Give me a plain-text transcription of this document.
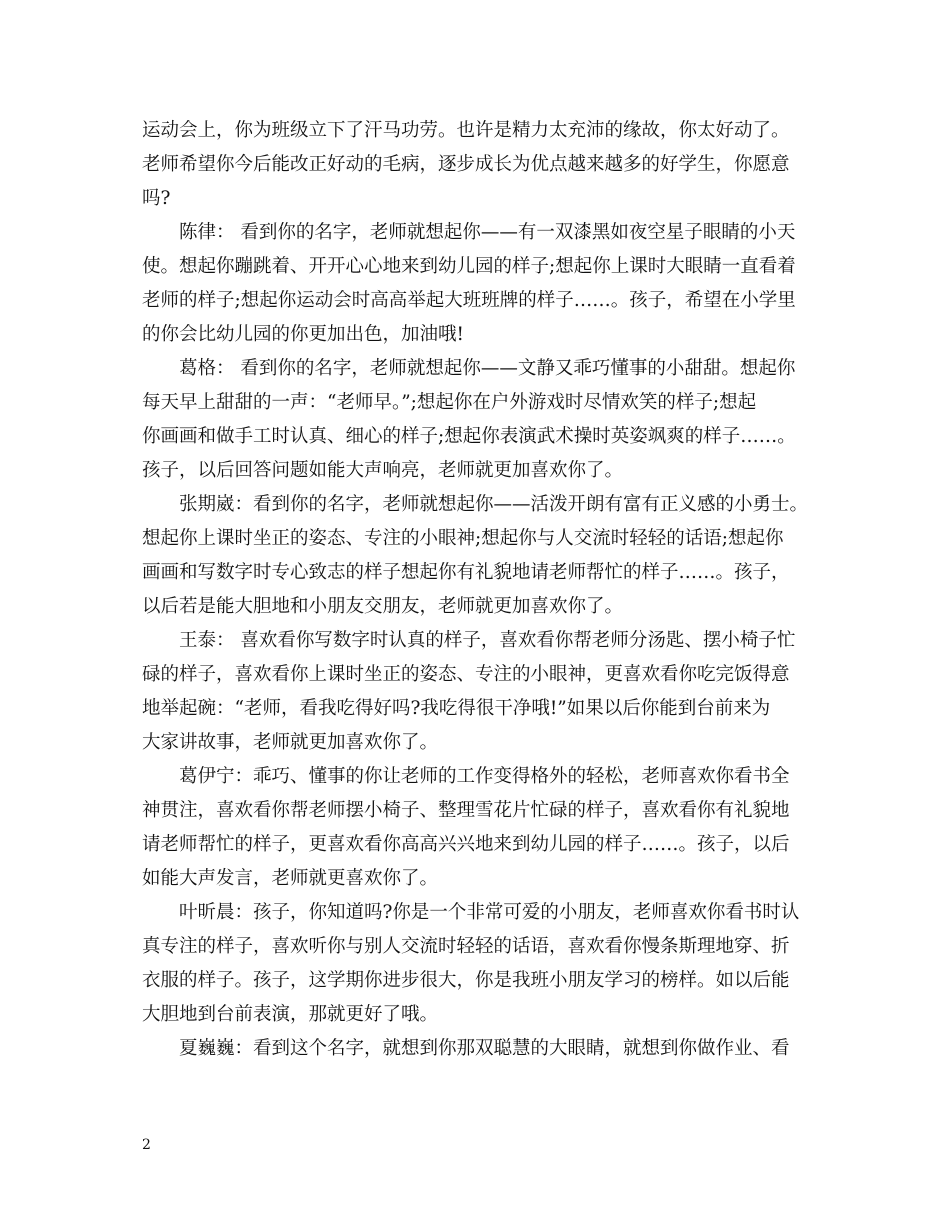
运动会上，你为班级立下了汗马功劳。也许是精力太充沛的缘故，你太好动了。
老师希望你今后能改正好动的毛病，逐步成长为优点越来越多的好学生，你愿意
吗?

陈律： 看到你的名字，老师就想起你——有一双漆黑如夜空星子眼睛的小天
使。想起你蹦跳着、开开心心地来到幼儿园的样子;想起你上课时大眼睛一直看着
老师的样子;想起你运动会时高高举起大班班牌的样子……。孩子，希望在小学里
的你会比幼儿园的你更加出色，加油哦!

葛格： 看到你的名字，老师就想起你——文静又乖巧懂事的小甜甜。想起你
每天早上甜甜的一声：“老师早。”;想起你在户外游戏时尽情欢笑的样子;想起
你画画和做手工时认真、细心的样子;想起你表演武术操时英姿飒爽的样子……。
孩子，以后回答问题如能大声响亮，老师就更加喜欢你了。

张期崴：看到你的名字，老师就想起你——活泼开朗有富有正义感的小勇士。
想起你上课时坐正的姿态、专注的小眼神;想起你与人交流时轻轻的话语;想起你
画画和写数字时专心致志的样子想起你有礼貌地请老师帮忙的样子……。孩子，
以后若是能大胆地和小朋友交朋友，老师就更加喜欢你了。

王泰： 喜欢看你写数字时认真的样子，喜欢看你帮老师分汤匙、摆小椅子忙
碌的样子，喜欢看你上课时坐正的姿态、专注的小眼神，更喜欢看你吃完饭得意
地举起碗：“老师，看我吃得好吗?我吃得很干净哦!”如果以后你能到台前来为
大家讲故事，老师就更加喜欢你了。

葛伊宁：乖巧、懂事的你让老师的工作变得格外的轻松，老师喜欢你看书全
神贯注，喜欢看你帮老师摆小椅子、整理雪花片忙碌的样子，喜欢看你有礼貌地
请老师帮忙的样子，更喜欢看你高高兴兴地来到幼儿园的样子……。孩子，以后
如能大声发言，老师就更喜欢你了。

叶昕晨：孩子，你知道吗?你是一个非常可爱的小朋友，老师喜欢你看书时认
真专注的样子，喜欢听你与别人交流时轻轻的话语，喜欢看你慢条斯理地穿、折
衣服的样子。孩子，这学期你进步很大，你是我班小朋友学习的榜样。如以后能
大胆地到台前表演，那就更好了哦。

夏巍巍：看到这个名字，就想到你那双聪慧的大眼睛，就想到你做作业、看

2
